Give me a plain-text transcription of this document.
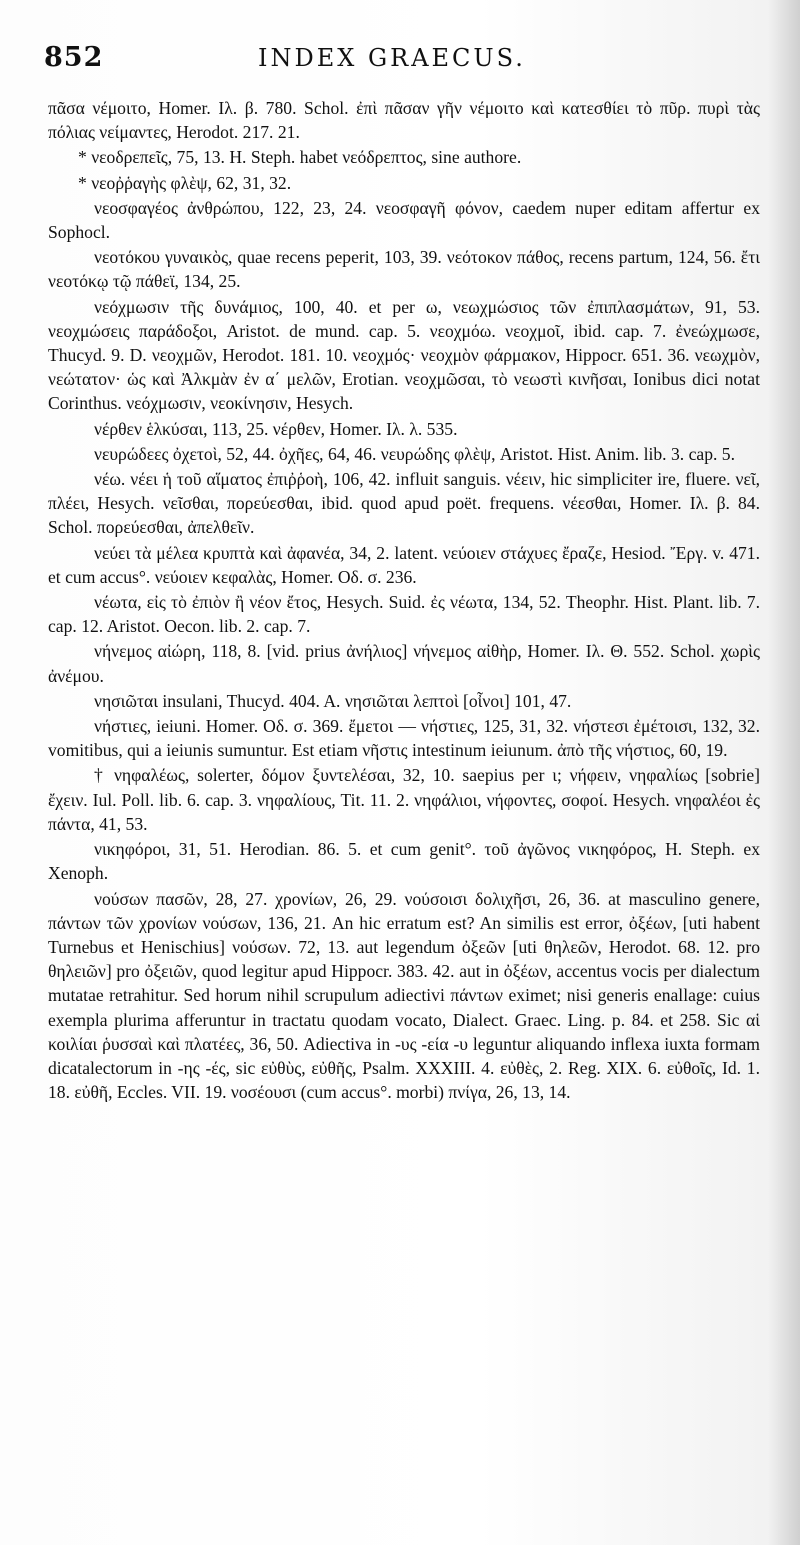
852	INDEX GRAECUS.

πᾶσα νέμοιτο, Homer. Ιλ. β. 780. Schol. ἐπὶ πᾶσαν γῆν νέμοιτο καὶ κατεσθίει τὸ πῦρ. πυρὶ τὰς πόλιας νείμαντες, Herodot. 217. 21.

* νεοδρεπεῖς, 75, 13. H. Steph. habet νεόδρεπτος, sine authore.

* νεοῤῥαγὴς φλὲψ, 62, 31, 32.

νεοσφαγέος ἀνθρώπου, 122, 23, 24. νεοσφαγῆ φόνον, caedem nuper editam affertur ex Sophocl.

νεοτόκου γυναικὸς, quae recens peperit, 103, 39. νεότοκον πάθος, recens partum, 124, 56. ἔτι νεοτόκῳ τῷ πάθεϊ, 134, 25.

νεόχμωσιν τῆς δυνάμιος, 100, 40. et per ω, νεωχμώσιος τῶν ἐπιπλασμάτων, 91, 53. νεοχμώσεις παράδοξοι, Aristot. de mund. cap. 5. νεοχμόω. νεοχμοῖ, ibid. cap. 7. ἐνεώχμωσε, Thucyd. 9. D. νεοχμῶν, Herodot. 181. 10. νεοχμός· νεοχμὸν φάρμακον, Hippocr. 651. 36. νεωχμὸν, νεώτατον· ὡς καὶ Ἀλκμὰν ἐν α΄ μελῶν, Erotian. νεοχμῶσαι, τὸ νεωστὶ κινῆσαι, Ionibus dici notat Corinthus. νεόχμωσιν, νεοκίνησιν, Hesych.

νέρθεν ἑλκύσαι, 113, 25. νέρθεν, Homer. Ιλ. λ. 535.

νευρώδεες ὀχετοὶ, 52, 44. ὀχῆες, 64, 46. νευρώδης φλὲψ, Aristot. Hist. Anim. lib. 3. cap. 5.

νέω. νέει ἡ τοῦ αἵματος ἐπιῤῥοὴ, 106, 42. influit sanguis. νέειν, hic simpliciter ire, fluere. νεῖ, πλέει, Hesych. νεῖσθαι, πορεύεσθαι, ibid. quod apud poët. frequens. νέεσθαι, Homer. Ιλ. β. 84. Schol. πορεύεσθαι, ἀπελθεῖν.

νεύει τὰ μέλεα κρυπτὰ καὶ ἀφανέα, 34, 2. latent. νεύοιεν στάχυες ἔραζε, Hesiod. Ἔργ. v. 471. et cum accus°. νεύοιεν κεφαλὰς, Homer. Οδ. σ. 236.

νέωτα, εἰς τὸ ἐπιὸν ἢ νέον ἔτος, Hesych. Suid. ἐς νέωτα, 134, 52. Theophr. Hist. Plant. lib. 7. cap. 12. Aristot. Oecon. lib. 2. cap. 7.

νήνεμος αἰώρη, 118, 8. [vid. prius ἀνήλιος] νήνεμος αἰθὴρ, Homer. Ιλ. Θ. 552. Schol. χωρὶς ἀνέμου.

νησιῶται insulani, Thucyd. 404. A. νησιῶται λεπτοὶ [οἶνοι] 101, 47.

νήστιες, ieiuni. Homer. Οδ. σ. 369. ἔμετοι — νήστιες, 125, 31, 32. νήστεσι ἐμέτοισι, 132, 32. vomitibus, qui a ieiunis sumuntur. Est etiam νῆστις intestinum ieiunum. ἀπὸ τῆς νήστιος, 60, 19.

† νηφαλέως, solerter, δόμον ξυντελέσαι, 32, 10. saepius per ι; νήφειν, νηφαλίως [sobrie] ἔχειν. Iul. Poll. lib. 6. cap. 3. νηφαλίους, Tit. 11. 2. νηφάλιοι, νήφοντες, σοφοί. Hesych. νηφαλέοι ἐς πάντα, 41, 53.

νικηφόροι, 31, 51. Herodian. 86. 5. et cum genit°. τοῦ ἀγῶνος νικηφόρος, H. Steph. ex Xenoph.

νούσων πασῶν, 28, 27. χρονίων, 26, 29. νούσοισι δολιχῆσι, 26, 36. at masculino genere, πάντων τῶν χρονίων νούσων, 136, 21. An hic erratum est? An similis est error, ὀξέων, [uti habent Turnebus et Henischius] νούσων. 72, 13. aut legendum ὀξεῶν [uti θηλεῶν, Herodot. 68. 12. pro θηλειῶν] pro ὀξειῶν, quod legitur apud Hippocr. 383. 42. aut in ὀξέων, accentus vocis per dialectum mutatae retrahitur. Sed horum nihil scrupulum adiectivi πάντων eximet; nisi generis enallage: cuius exempla plurima afferuntur in tractatu quodam vocato, Dialect. Graec. Ling. p. 84. et 258. Sic αἱ κοιλίαι ῥυσσαὶ καὶ πλατέες, 36, 50. Adiectiva in -υς -εία -υ leguntur aliquando inflexa iuxta formam dicatalectorum in -ης -ές, sic εὐθὺς, εὐθῆς, Psalm. XXXIII. 4. εὐθὲς, 2. Reg. XIX. 6. εὐθοῖς, Id. 1. 18. εὐθῆ, Eccles. VII. 19. νοσέουσι (cum accus°. morbi) πνίγα, 26, 13, 14.
